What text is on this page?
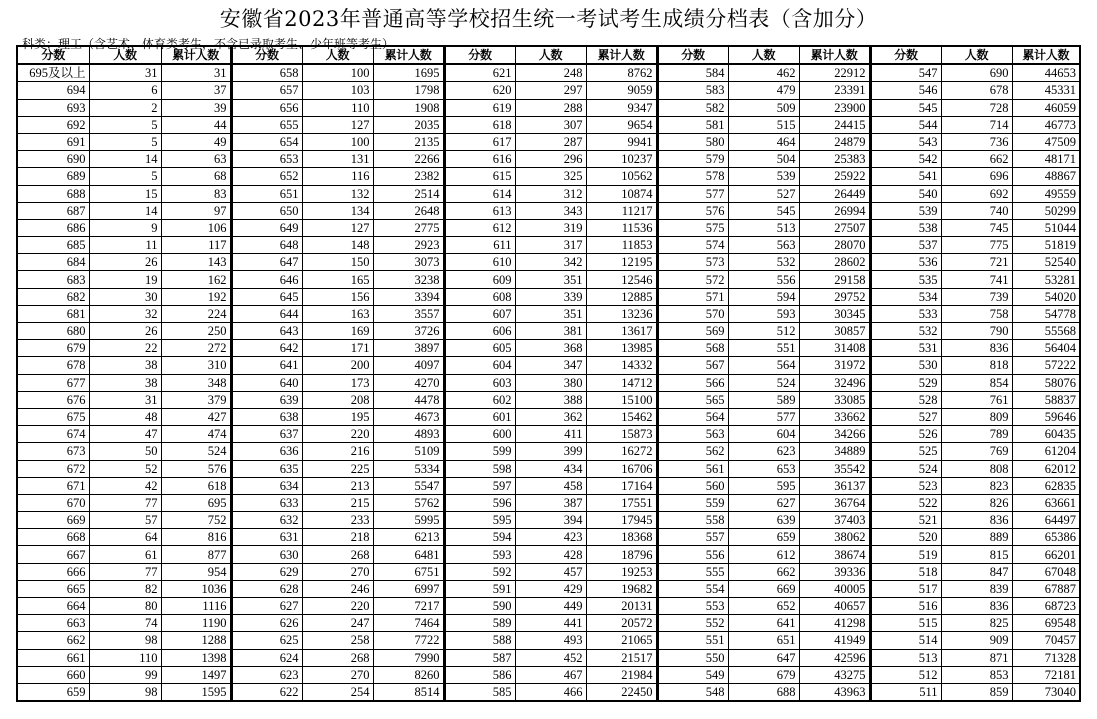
安徽省2023年普通高等学校招生统一考试考生成绩分档表（含加分）
科类：理工（含艺术、体育类考生，不含已录取考生、少年班等考生）
分数	人数	累计人数	分数	人数	累计人数	分数	人数	累计人数	分数	人数	累计人数	分数	人数	累计人数
695及以上	31	31	658	100	1695	621	248	8762	584	462	22912	547	690	44653
694	6	37	657	103	1798	620	297	9059	583	479	23391	546	678	45331
693	2	39	656	110	1908	619	288	9347	582	509	23900	545	728	46059
692	5	44	655	127	2035	618	307	9654	581	515	24415	544	714	46773
691	5	49	654	100	2135	617	287	9941	580	464	24879	543	736	47509
690	14	63	653	131	2266	616	296	10237	579	504	25383	542	662	48171
689	5	68	652	116	2382	615	325	10562	578	539	25922	541	696	48867
688	15	83	651	132	2514	614	312	10874	577	527	26449	540	692	49559
687	14	97	650	134	2648	613	343	11217	576	545	26994	539	740	50299
686	9	106	649	127	2775	612	319	11536	575	513	27507	538	745	51044
685	11	117	648	148	2923	611	317	11853	574	563	28070	537	775	51819
684	26	143	647	150	3073	610	342	12195	573	532	28602	536	721	52540
683	19	162	646	165	3238	609	351	12546	572	556	29158	535	741	53281
682	30	192	645	156	3394	608	339	12885	571	594	29752	534	739	54020
681	32	224	644	163	3557	607	351	13236	570	593	30345	533	758	54778
680	26	250	643	169	3726	606	381	13617	569	512	30857	532	790	55568
679	22	272	642	171	3897	605	368	13985	568	551	31408	531	836	56404
678	38	310	641	200	4097	604	347	14332	567	564	31972	530	818	57222
677	38	348	640	173	4270	603	380	14712	566	524	32496	529	854	58076
676	31	379	639	208	4478	602	388	15100	565	589	33085	528	761	58837
675	48	427	638	195	4673	601	362	15462	564	577	33662	527	809	59646
674	47	474	637	220	4893	600	411	15873	563	604	34266	526	789	60435
673	50	524	636	216	5109	599	399	16272	562	623	34889	525	769	61204
672	52	576	635	225	5334	598	434	16706	561	653	35542	524	808	62012
671	42	618	634	213	5547	597	458	17164	560	595	36137	523	823	62835
670	77	695	633	215	5762	596	387	17551	559	627	36764	522	826	63661
669	57	752	632	233	5995	595	394	17945	558	639	37403	521	836	64497
668	64	816	631	218	6213	594	423	18368	557	659	38062	520	889	65386
667	61	877	630	268	6481	593	428	18796	556	612	38674	519	815	66201
666	77	954	629	270	6751	592	457	19253	555	662	39336	518	847	67048
665	82	1036	628	246	6997	591	429	19682	554	669	40005	517	839	67887
664	80	1116	627	220	7217	590	449	20131	553	652	40657	516	836	68723
663	74	1190	626	247	7464	589	441	20572	552	641	41298	515	825	69548
662	98	1288	625	258	7722	588	493	21065	551	651	41949	514	909	70457
661	110	1398	624	268	7990	587	452	21517	550	647	42596	513	871	71328
660	99	1497	623	270	8260	586	467	21984	549	679	43275	512	853	72181
659	98	1595	622	254	8514	585	466	22450	548	688	43963	511	859	73040
